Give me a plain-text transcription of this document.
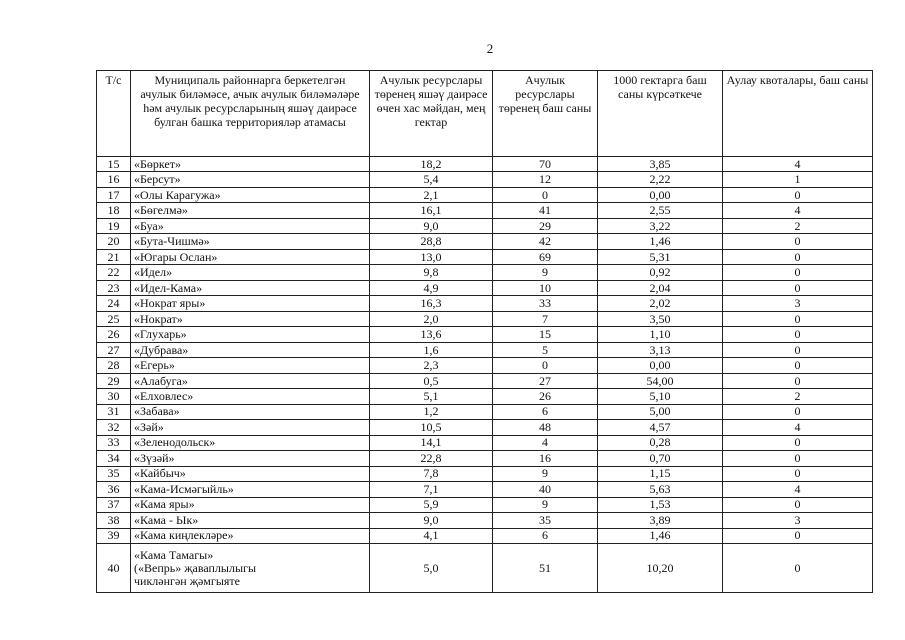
2
Т/с	Муниципаль районнарга беркетелгән ачулык биләмәсе, ачык ачулык биләмәләре һәм ачулык ресурсларының яшәү даирәсе булган башка территорияләр атамасы	Ачулык ресурслары төренең яшәү даирәсе өчен хас мәйдан, мең гектар	Ачулык ресурслары төренең баш саны	1000 гектарга баш саны күрсәткече	Аулау квоталары, баш саны
15	«Бөркет»	18,2	70	3,85	4
16	«Берсут»	5,4	12	2,22	1
17	«Олы Карагужа»	2,1	0	0,00	0
18	«Бөгелмә»	16,1	41	2,55	4
19	«Буа»	9,0	29	3,22	2
20	«Бута-Чишмә»	28,8	42	1,46	0
21	«Югары Ослан»	13,0	69	5,31	0
22	«Идел»	9,8	9	0,92	0
23	«Идел-Кама»	4,9	10	2,04	0
24	«Нократ яры»	16,3	33	2,02	3
25	«Нократ»	2,0	7	3,50	0
26	«Глухарь»	13,6	15	1,10	0
27	«Дубрава»	1,6	5	3,13	0
28	«Егерь»	2,3	0	0,00	0
29	«Алабуга»	0,5	27	54,00	0
30	«Елховлес»	5,1	26	5,10	2
31	«Забава»	1,2	6	5,00	0
32	«Зәй»	10,5	48	4,57	4
33	«Зеленодольск»	14,1	4	0,28	0
34	«Зүзәй»	22,8	16	0,70	0
35	«Кайбыч»	7,8	9	1,15	0
36	«Кама-Исмәгыйль»	7,1	40	5,63	4
37	«Кама яры»	5,9	9	1,53	0
38	«Кама - Ык»	9,0	35	3,89	3
39	«Кама киңлекләре»	4,1	6	1,46	0
40	«Кама Тамагы»
(«Вепрь» җаваплылыгы
чикләнгән җәмгыяте	5,0	51	10,20	0
